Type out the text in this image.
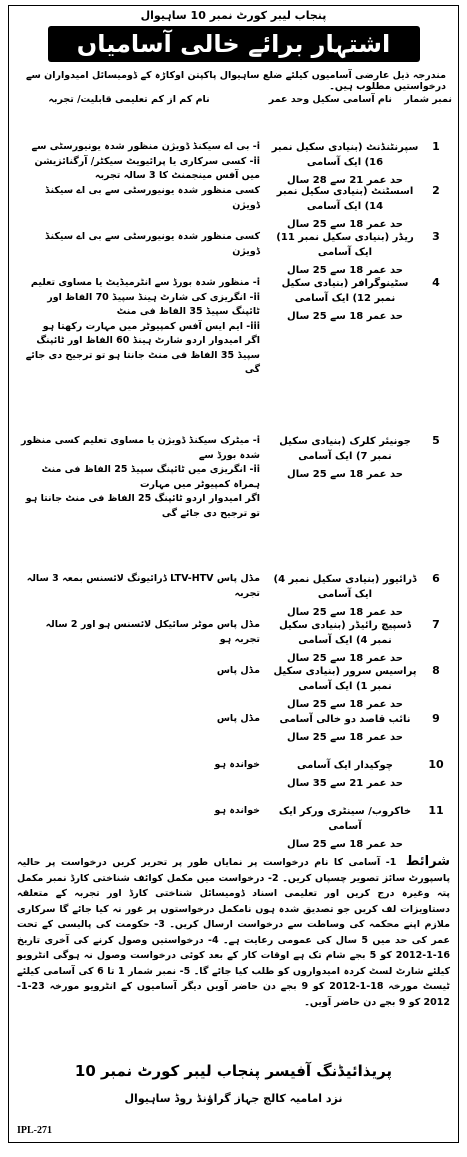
پنجاب لیبر کورٹ نمبر 10 ساہیوال
اشتہار برائے خالی آسامیاں
مندرجہ ذیل عارضی آسامیوں کیلئے ضلع ساہیوال پاکپتن اوکاڑہ کے ڈومیسائل امیدواران سے درخواستیں مطلوب ہیں۔
نمبر شمار
نام آسامی سکیل وحد عمر
نام کم از کم تعلیمی قابلیت/ تجربہ
1
سپرنٹنڈنٹ (بنیادی سکیل نمبر 16) ایک آسامی
حد عمر 21 سے 28 سال
i- بی اے سیکنڈ ڈویژن منظور شدہ یونیورسٹی سے
ii- کسی سرکاری یا پرائیویٹ سیکٹر/ آرگنائزیشن میں آفس مینجمنٹ کا 3 سالہ تجربہ
2
اسسٹنٹ (بنیادی سکیل نمبر 14) ایک آسامی
حد عمر 18 سے 25 سال
کسی منظور شدہ یونیورسٹی سے بی اے سیکنڈ ڈویژن
3
ریڈر (بنیادی سکیل نمبر 11) ایک آسامی
حد عمر 18 سے 25 سال
کسی منظور شدہ یونیورسٹی سے بی اے سیکنڈ ڈویژن
4
سٹینوگرافر (بنیادی سکیل نمبر 12) ایک آسامی
حد عمر 18 سے 25 سال
i- منظور شدہ بورڈ سے انٹرمیڈیٹ یا مساوی تعلیم
ii- انگریزی کی شارٹ ہینڈ سپیڈ 70 الفاظ اور ٹائپنگ سپیڈ 35 الفاظ فی منٹ
iii- ایم ایس آفس کمپیوٹر میں مہارت رکھتا ہو
اگر امیدوار اردو شارٹ ہینڈ 60 الفاظ اور ٹائپنگ سپیڈ 35 الفاظ فی منٹ جانتا ہو تو ترجیح دی جائے گی
5
جونیئر کلرک (بنیادی سکیل نمبر 7) ایک آسامی
حد عمر 18 سے 25 سال
i- میٹرک سیکنڈ ڈویژن یا مساوی تعلیم کسی منظور شدہ بورڈ سے
ii- انگریزی میں ٹائپنگ سپیڈ 25 الفاظ فی منٹ ہمراہ کمپیوٹر میں مہارت
اگر امیدوار اردو ٹائپنگ 25 الفاظ فی منٹ جانتا ہو تو ترجیح دی جائے گی
6
ڈرائیور (بنیادی سکیل نمبر 4) ایک آسامی
حد عمر 18 سے 25 سال
مڈل پاس LTV-HTV ڈرائیونگ لائسنس بمعہ 3 سالہ تجربہ
7
ڈسپیچ رائیڈر (بنیادی سکیل نمبر 4) ایک آسامی
حد عمر 18 سے 25 سال
مڈل پاس موٹر سائیکل لائسنس ہو اور 2 سالہ تجربہ ہو
8
پراسیس سرور (بنیادی سکیل نمبر 1) ایک آسامی
حد عمر 18 سے 25 سال
مڈل پاس
9
نائب قاصد دو خالی آسامی
حد عمر 18 سے 25 سال
مڈل پاس
10
چوکیدار ایک آسامی
حد عمر 21 سے 35 سال
خواندہ ہو
11
خاکروب/ سینٹری ورکر ایک آسامی
حد عمر 18 سے 25 سال
خواندہ ہو
شرائط 1- آسامی کا نام درخواست پر نمایاں طور پر تحریر کریں درخواست پر حالیہ پاسپورٹ سائز تصویر چسپاں کریں۔ 2- درخواست میں مکمل کوائف شناختی کارڈ نمبر مکمل پتہ وغیرہ درج کریں اور تعلیمی اسناد ڈومیسائل شناختی کارڈ اور تجربہ کے متعلقہ دستاویزات لف کریں جو تصدیق شدہ ہوں نامکمل درخواستوں پر غور نہ کیا جائے گا سرکاری ملازم اپنے محکمہ کی وساطت سے درخواست ارسال کریں۔ 3- حکومت کی پالیسی کے تحت عمر کی حد میں 5 سال کی عمومی رعایت ہے۔ 4- درخواستیں وصول کرنے کی آخری تاریخ 16-1-2012 کو 5 بجے شام تک ہے اوقات کار کے بعد کوئی درخواست وصول نہ ہوگی انٹرویو کیلئے شارٹ لسٹ کردہ امیدواروں کو طلب کیا جائے گا۔ 5- نمبر شمار 1 تا 6 کی آسامی کیلئے ٹیسٹ مورخہ 18-1-2012 کو 9 بجے دن حاضر آویں دیگر آسامیوں کے انٹرویو مورخہ 23-1-2012 کو 9 بجے دن حاضر آویں۔
پریذائیڈنگ آفیسر پنجاب لیبر کورٹ نمبر 10
نزد امامیہ کالج جہاز گراؤنڈ روڈ ساہیوال
IPL-271
